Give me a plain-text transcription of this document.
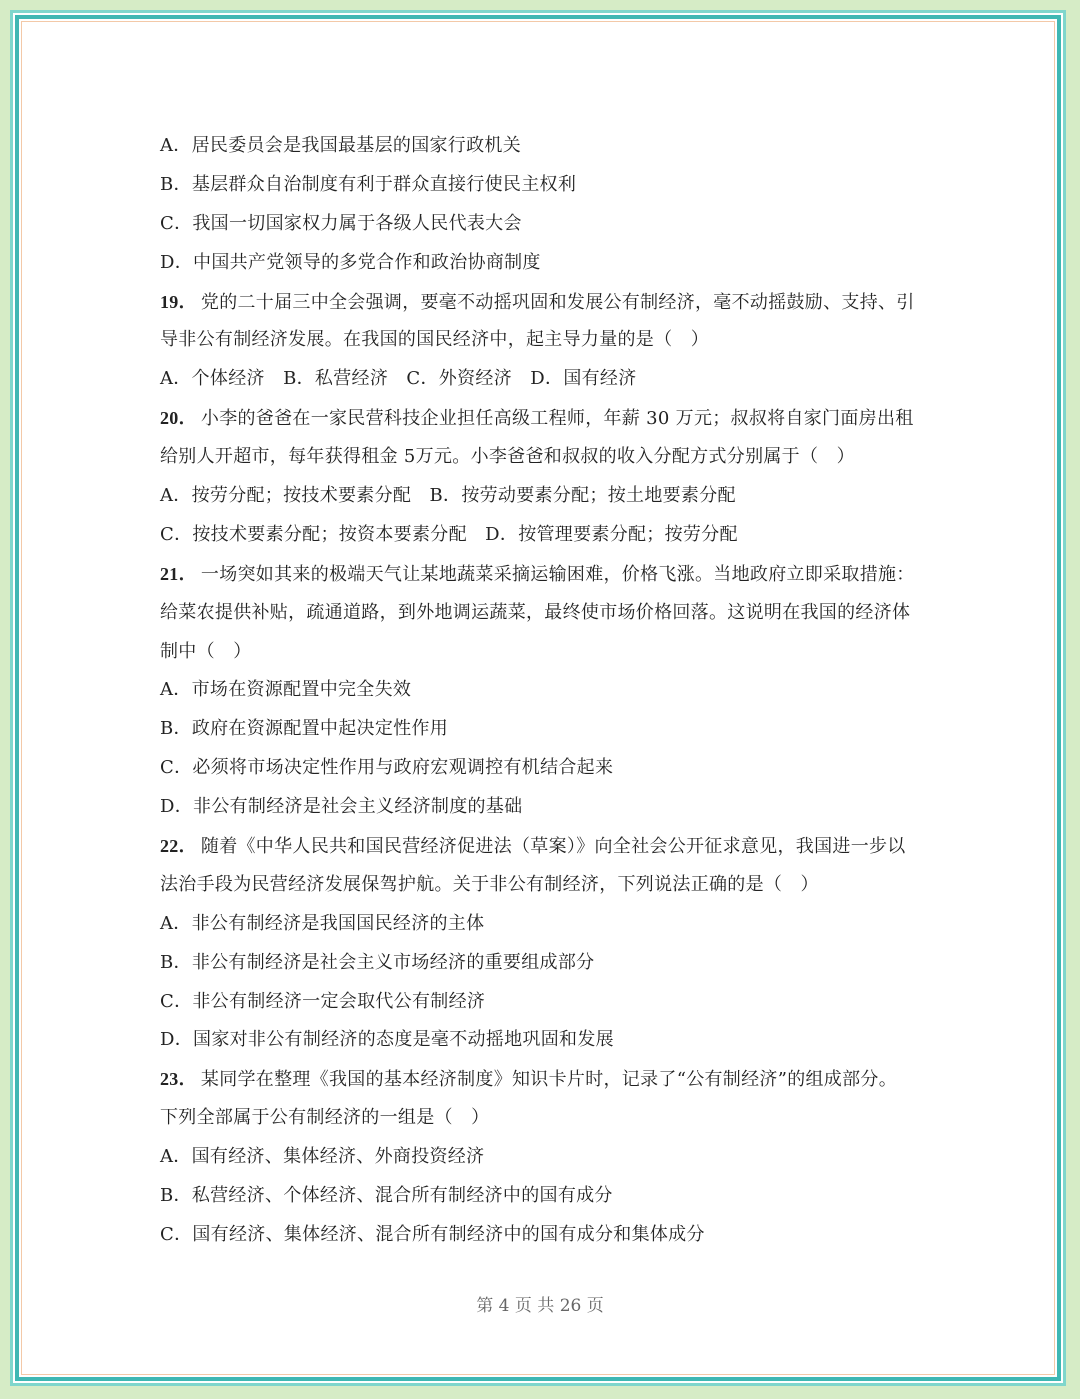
A．居民委员会是我国最基层的国家行政机关
B．基层群众自治制度有利于群众直接行使民主权利
C．我国一切国家权力属于各级人民代表大会
D．中国共产党领导的多党合作和政治协商制度
19． 党的二十届三中全会强调，要毫不动摇巩固和发展公有制经济，毫不动摇鼓励、支持、引
导非公有制经济发展。在我国的国民经济中，起主导力量的是（　）
A．个体经济　B．私营经济　C．外资经济　D．国有经济
20． 小李的爸爸在一家民营科技企业担任高级工程师，年薪 30 万元；叔叔将自家门面房出租
给别人开超市，每年获得租金 5万元。小李爸爸和叔叔的收入分配方式分别属于（　）
A．按劳分配；按技术要素分配　B．按劳动要素分配；按土地要素分配
C．按技术要素分配；按资本要素分配　D．按管理要素分配；按劳分配
21． 一场突如其来的极端天气让某地蔬菜采摘运输困难，价格飞涨。当地政府立即采取措施：
给菜农提供补贴，疏通道路，到外地调运蔬菜，最终使市场价格回落。这说明在我国的经济体
制中（　）
A．市场在资源配置中完全失效
B．政府在资源配置中起决定性作用
C．必须将市场决定性作用与政府宏观调控有机结合起来
D．非公有制经济是社会主义经济制度的基础
22． 随着《中华人民共和国民营经济促进法（草案）》向全社会公开征求意见，我国进一步以
法治手段为民营经济发展保驾护航。关于非公有制经济，下列说法正确的是（　）
A．非公有制经济是我国国民经济的主体
B．非公有制经济是社会主义市场经济的重要组成部分
C．非公有制经济一定会取代公有制经济
D．国家对非公有制经济的态度是毫不动摇地巩固和发展
23． 某同学在整理《我国的基本经济制度》知识卡片时，记录了“公有制经济”的组成部分。
下列全部属于公有制经济的一组是（　）
A．国有经济、集体经济、外商投资经济
B．私营经济、个体经济、混合所有制经济中的国有成分
C．国有经济、集体经济、混合所有制经济中的国有成分和集体成分
第 4 页 共 26 页
